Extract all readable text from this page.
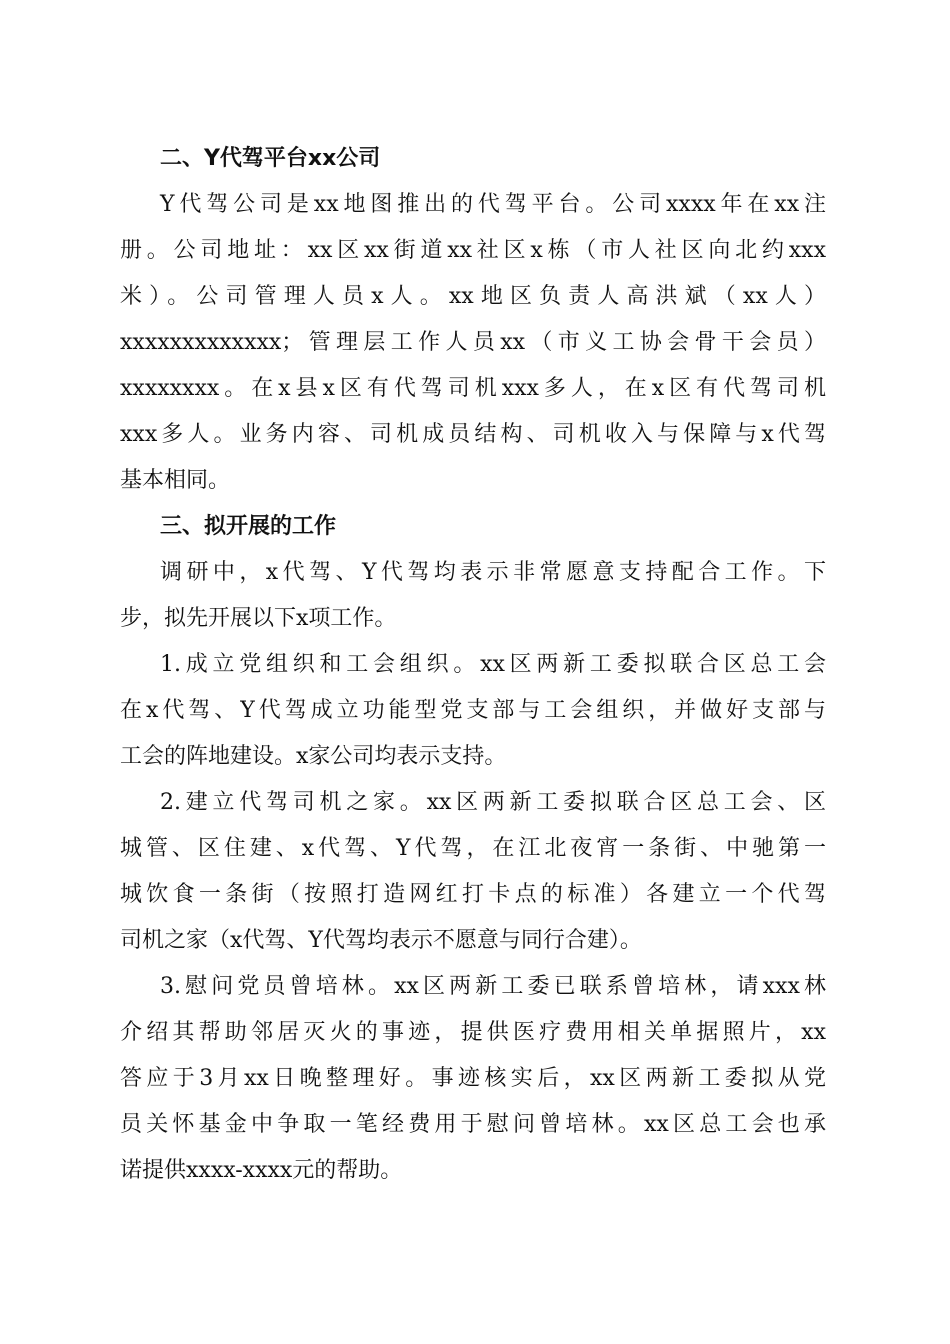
二、Y代驾平台xx公司
Y代驾公司是xx地图推出的代驾平台。公司xxxx年在xx注
册。公司地址：xx区xx街道xx社区x栋（市人社区向北约xxx
米）。公司管理人员x人。xx地区负责人高洪斌（xx人）
xxxxxxxxxxxxx；管理层工作人员xx（市义工协会骨干会员）
xxxxxxxx。在x县x区有代驾司机xxx多人，在x区有代驾司机
xxx多人。业务内容、司机成员结构、司机收入与保障与x代驾
基本相同。
三、拟开展的工作
调研中，x代驾、Y代驾均表示非常愿意支持配合工作。下
步，拟先开展以下x项工作。
1.成立党组织和工会组织。xx区两新工委拟联合区总工会
在x代驾、Y代驾成立功能型党支部与工会组织，并做好支部与
工会的阵地建设。x家公司均表示支持。
2.建立代驾司机之家。xx区两新工委拟联合区总工会、区
城管、区住建、x代驾、Y代驾，在江北夜宵一条街、中驰第一
城饮食一条街（按照打造网红打卡点的标准）各建立一个代驾
司机之家（x代驾、Y代驾均表示不愿意与同行合建）。
3.慰问党员曾培林。xx区两新工委已联系曾培林，请xxx林
介绍其帮助邻居灭火的事迹，提供医疗费用相关单据照片，xx
答应于3月xx日晚整理好。事迹核实后，xx区两新工委拟从党
员关怀基金中争取一笔经费用于慰问曾培林。xx区总工会也承
诺提供xxxx-xxxx元的帮助。
